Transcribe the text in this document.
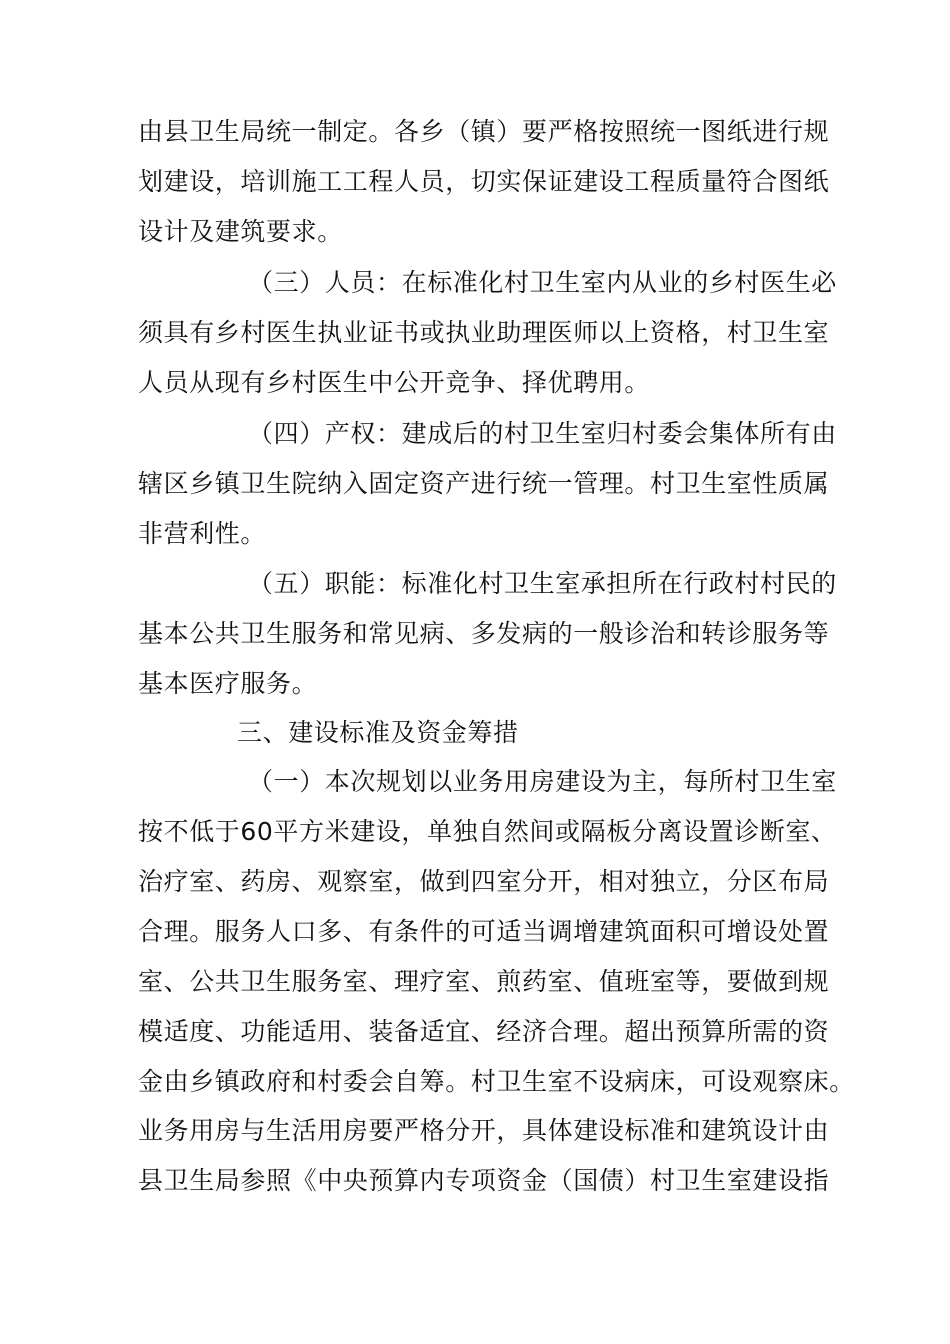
由县卫生局统一制定。各乡（镇）要严格按照统一图纸进行规
划建设，培训施工工程人员，切实保证建设工程质量符合图纸
设计及建筑要求。
（三）人员：在标准化村卫生室内从业的乡村医生必
须具有乡村医生执业证书或执业助理医师以上资格，村卫生室
人员从现有乡村医生中公开竞争、择优聘用。
（四）产权：建成后的村卫生室归村委会集体所有由
辖区乡镇卫生院纳入固定资产进行统一管理。村卫生室性质属
非营利性。
（五）职能：标准化村卫生室承担所在行政村村民的
基本公共卫生服务和常见病、多发病的一般诊治和转诊服务等
基本医疗服务。
三、建设标准及资金筹措
（一）本次规划以业务用房建设为主，每所村卫生室
按不低于60平方米建设，单独自然间或隔板分离设置诊断室、
治疗室、药房、观察室，做到四室分开，相对独立，分区布局
合理。服务人口多、有条件的可适当调增建筑面积可增设处置
室、公共卫生服务室、理疗室、煎药室、值班室等，要做到规
模适度、功能适用、装备适宜、经济合理。超出预算所需的资
金由乡镇政府和村委会自筹。村卫生室不设病床，可设观察床。
业务用房与生活用房要严格分开，具体建设标准和建筑设计由
县卫生局参照《中央预算内专项资金（国债）村卫生室建设指
